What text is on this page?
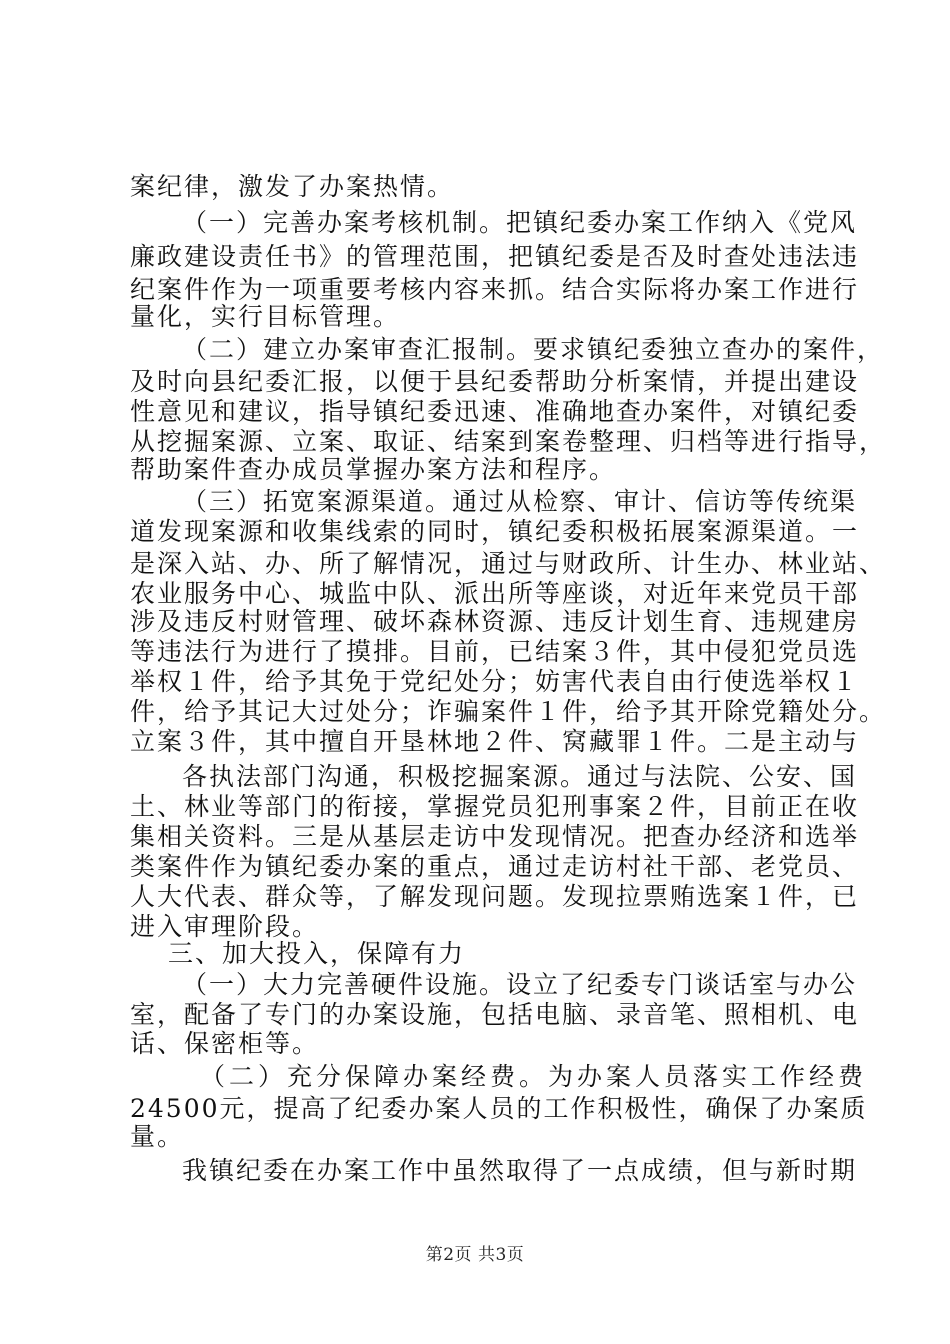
案纪律，激发了办案热情。
（一）完善办案考核机制。把镇纪委办案工作纳入《党风
廉政建设责任书》的管理范围，把镇纪委是否及时查处违法违
纪案件作为一项重要考核内容来抓。结合实际将办案工作进行
量化，实行目标管理。
（二）建立办案审查汇报制。要求镇纪委独立查办的案件，
及时向县纪委汇报，以便于县纪委帮助分析案情，并提出建设
性意见和建议，指导镇纪委迅速、准确地查办案件，对镇纪委
从挖掘案源、立案、取证、结案到案卷整理、归档等进行指导，
帮助案件查办成员掌握办案方法和程序。
（三）拓宽案源渠道。通过从检察、审计、信访等传统渠
道发现案源和收集线索的同时，镇纪委积极拓展案源渠道。一
是深入站、办、所了解情况，通过与财政所、计生办、林业站、
农业服务中心、城监中队、派出所等座谈，对近年来党员干部
涉及违反村财管理、破坏森林资源、违反计划生育、违规建房
等违法行为进行了摸排。目前，已结案３件，其中侵犯党员选
举权１件，给予其免于党纪处分；妨害代表自由行使选举权１
件，给予其记大过处分；诈骗案件１件，给予其开除党籍处分。
立案３件，其中擅自开垦林地２件、窝藏罪１件。二是主动与
各执法部门沟通，积极挖掘案源。通过与法院、公安、国
土、林业等部门的衔接，掌握党员犯刑事案２件，目前正在收
集相关资料。三是从基层走访中发现情况。把查办经济和选举
类案件作为镇纪委办案的重点，通过走访村社干部、老党员、
人大代表、群众等，了解发现问题。发现拉票贿选案１件，已
进入审理阶段。
三、加大投入，保障有力
（一）大力完善硬件设施。设立了纪委专门谈话室与办公
室，配备了专门的办案设施，包括电脑、录音笔、照相机、电
话、保密柜等。
（二）充分保障办案经费。为办案人员落实工作经费
24500元，提高了纪委办案人员的工作积极性，确保了办案质
量。
我镇纪委在办案工作中虽然取得了一点成绩，但与新时期
第2页 共3页
